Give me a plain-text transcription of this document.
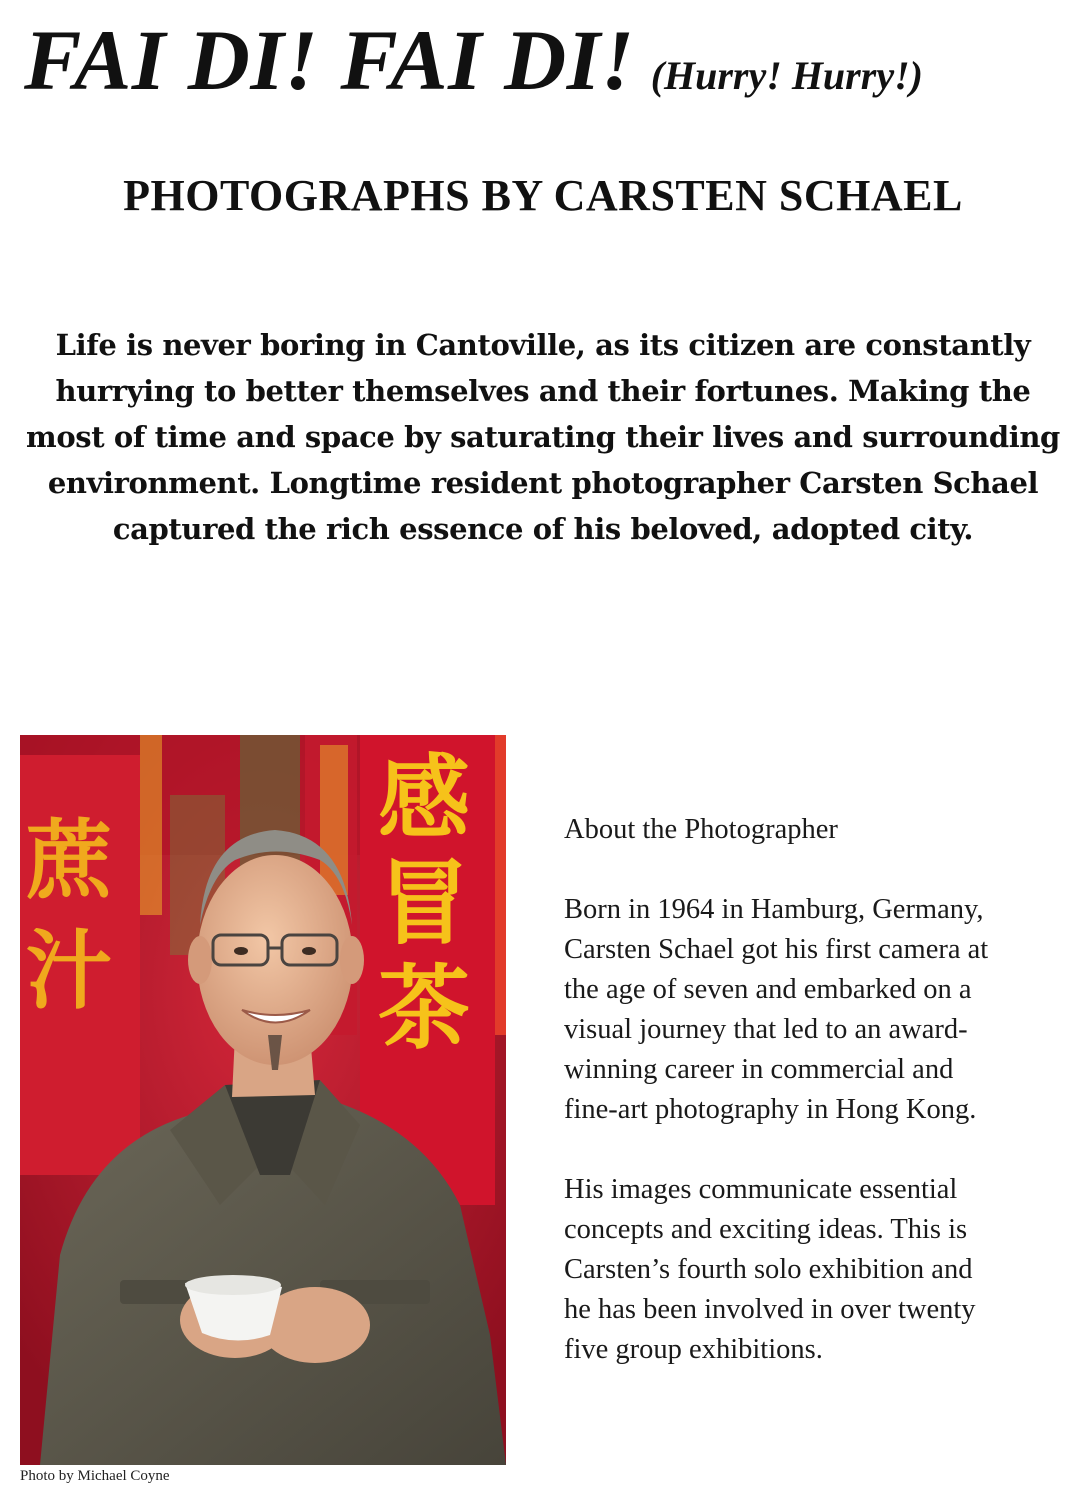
FAI DI! FAI DI! (Hurry! Hurry!)
PHOTOGRAPHS BY CARSTEN SCHAEL
Life is never boring in Cantoville, as its citizen are constantly
hurrying to better themselves and their fortunes. Making the
most of time and space by saturating their lives and surrounding
environment. Longtime resident photographer Carsten Schael
captured the rich essence of his beloved, adopted city.
蔗
汁
感
冒
茶
Photo by Michael Coyne
About the Photographer
Born in 1964 in Hamburg, Germany,
Carsten Schael got his first camera at
the age of seven and embarked on a
visual journey that led to an award-
winning career in commercial and
fine-art photography in Hong Kong.
His images communicate essential
concepts and exciting ideas. This is
Carsten’s fourth solo exhibition and
he has been involved in over twenty
five group exhibitions.
